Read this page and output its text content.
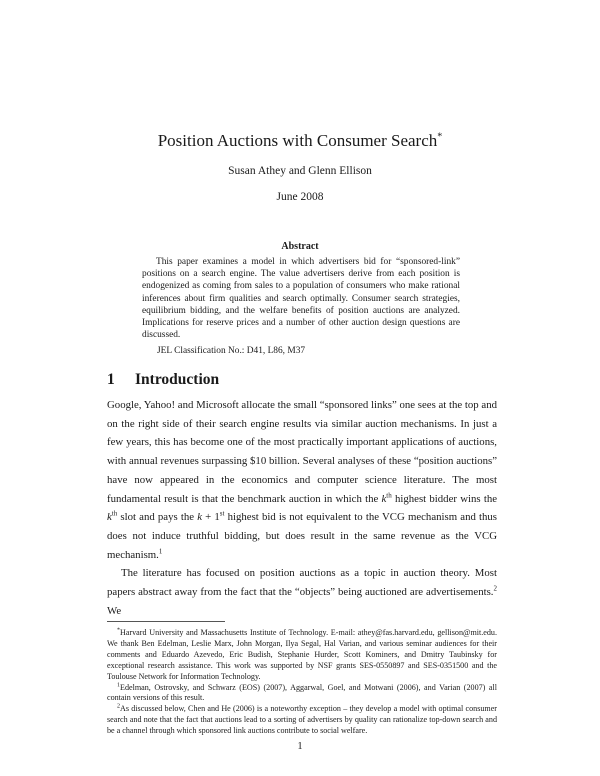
Position Auctions with Consumer Search*
Susan Athey and Glenn Ellison
June 2008
Abstract

This paper examines a model in which advertisers bid for “sponsored-link” positions on a search engine. The value advertisers derive from each position is endogenized as coming from sales to a population of consumers who make rational inferences about firm qualities and search optimally. Consumer search strategies, equilibrium bidding, and the welfare benefits of position auctions are analyzed. Implications for reserve prices and a number of other auction design questions are discussed.

JEL Classification No.: D41, L86, M37
1 Introduction

Google, Yahoo! and Microsoft allocate the small “sponsored links” one sees at the top and on the right side of their search engine results via similar auction mechanisms. In just a few years, this has become one of the most practically important applications of auctions, with annual revenues surpassing $10 billion. Several analyses of these “position auctions” have now appeared in the economics and computer science literature. The most fundamental result is that the benchmark auction in which the $k^{th}$ highest bidder wins the $k^{th}$ slot and pays the k + 1st highest bid is not equivalent to the VCG mechanism and thus does not induce truthful bidding, but does result in the same revenue as the VCG mechanism.$^1$

The literature has focused on position auctions as a topic in auction theory. Most papers abstract away from the fact that the “objects” being auctioned are advertisements.$^2$ We

*Harvard University and Massachusetts Institute of Technology. E-mail: athey@fas.harvard.edu, gellison@mit.edu. We thank Ben Edelman, Leslie Marx, John Morgan, Ilya Segal, Hal Varian, and various seminar audiences for their comments and Eduardo Azevedo, Eric Budish, Stephanie Hurder, Scott Kominers, and Dmitry Taubinsky for exceptional research assistance. This work was supported by NSF grants SES-0550897 and SES-0351500 and the Toulouse Network for Information Technology.

$^1$Edelman, Ostrovsky, and Schwarz (EOS) (2007), Aggarwal, Goel, and Motwani (2006), and Varian (2007) all contain versions of this result.

$^2$As discussed below, Chen and He (2006) is a noteworthy exception – they develop a model with optimal consumer search and note that the fact that auctions lead to a sorting of advertisers by quality can rationalize top-down search and be a channel through which sponsored link auctions contribute to social welfare.

1
